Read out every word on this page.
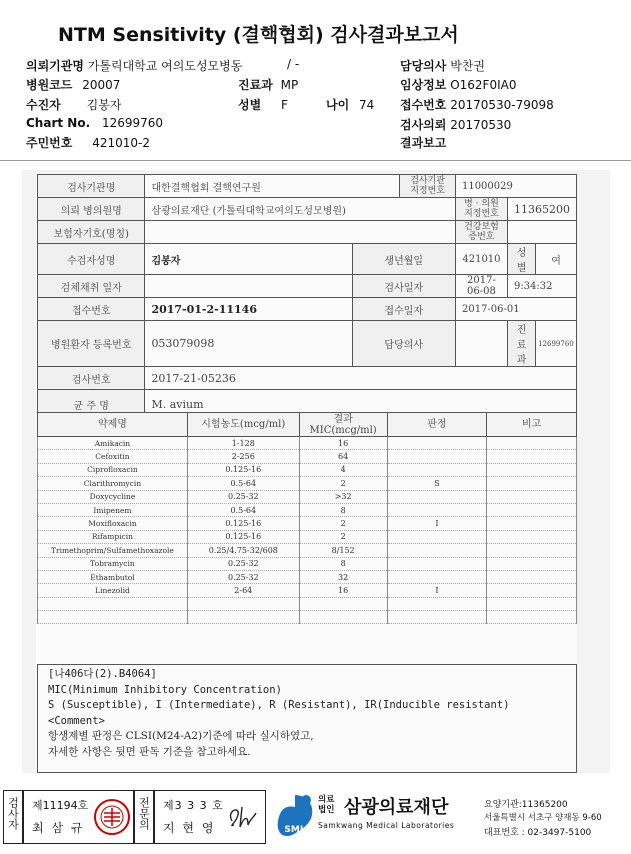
NTM Sensitivity (결핵협회) 검사결과보고서
의뢰기관명 가톨릭대학교 여의도성모병동	/ -	담당의사 박찬권
병원코드 20007	진료과 MP	임상정보 O162F0IA0
수진자 김봉자	성별 F	나이 74 접수번호 20170530-79098
Chart No. 12699760	검사의뢰 20170530
주민번호 421010-2	결과보고
검사기관명	대한결핵협회 결핵연구원		검사기관 지정번호	11000029		
의뢰 병의원명	삼광의료재단 (가톨릭대학교여의도성모병원)			병 · 의원 지정번호	11365200	
보험자기호(명칭)				건강보험 증번호		
수검자성명	김봉자	생년월일		421010	성별	여
검체채취 일자		검사일자		2017-06-08	9:34:32	
접수번호	2017-01-2-11146	접수일자		2017-06-01		
병원환자 등록번호	053079098	담당의사			진료과	12699760
검사번호	2017-21-05236					
균 주 명	M. avium					
약제명	시험농도(mcg/ml)	결과 MIC(mcg/ml)	판정	비고
Amikacin	1-128	16		
Cefoxitin	2-256	64		
Ciprofloxacin	0.125-16	4		
Clarithromycin	0.5-64	2	S	
Doxycycline	0.25-32	>32		
Imipenem	0.5-64	8		
Moxifloxacin	0.125-16	2	I	
Rifampicin	0.125-16	2		
Trimethoprim/Sulfamethoxazole	0.25/4.75-32/608	8/152		
Tobramycin	0.25-32	8		
Ethambutol	0.25-32	32		
Linezolid	2-64	16	I	

[나406다(2).B4064]
MIC(Minimum Inhibitory Concentration)
S (Susceptible), I (Intermediate), R (Resistant), IR(Inducible resistant)
<Comment>
항생제별 판정은 CLSI(M24-A2)기준에 따라 실시하였고,
자세한 사항은 뒷면 판독 기준을 참고하세요.
검사자 제11194호
최 삼 규	전문의 제3 3 3 호
지 현 영	SML
의료 법인 삼광의료재단
Samkwang Medical Laboratories
요양기관:11365200
서울특별시 서초구 양재동 9-60
대표번호 : 02-3497-5100
